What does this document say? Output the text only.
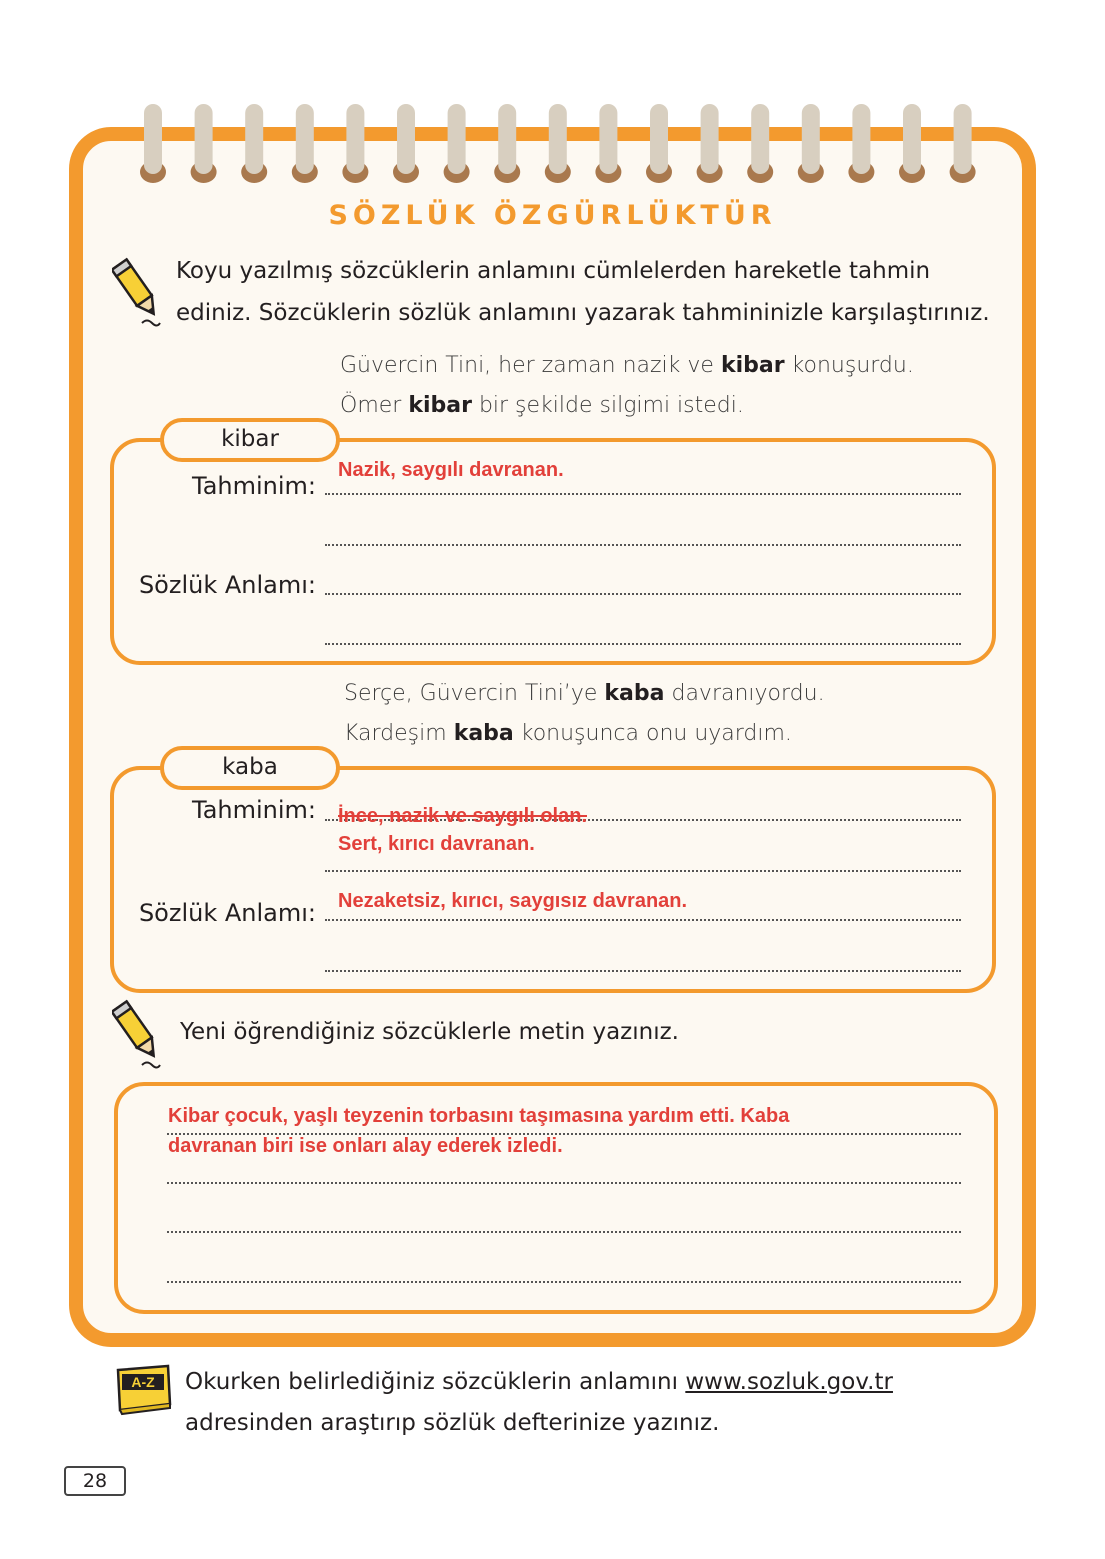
SÖZLÜK ÖZGÜRLÜKTÜR
Koyu yazılmış sözcüklerin anlamını cümlelerden hareketle tahmin
ediniz. Sözcüklerin sözlük anlamını yazarak tahmininizle karşılaştırınız.
Güvercin Tini, her zaman nazik ve kibar konuşurdu.
Ömer kibar bir şekilde silgimi istedi.
kibar
Tahminim:
Sözlük Anlamı:
Nazik, saygılı davranan.
Serçe, Güvercin Tini’ye kaba davranıyordu.
Kardeşim kaba konuşunca onu uyardım.
kaba
Tahminim:
Sözlük Anlamı:
İnce, nazik ve saygılı olan.
Sert, kırıcı davranan.
Nezaketsiz, kırıcı, saygısız davranan.
Yeni öğrendiğiniz sözcüklerle metin yazınız.
Kibar çocuk, yaşlı teyzenin torbasını taşımasına yardım etti. Kaba
davranan biri ise onları alay ederek izledi.
A-Z Okurken belirlediğiniz sözcüklerin anlamını www.sozluk.gov.tr
adresinden araştırıp sözlük defterinize yazınız.
28
